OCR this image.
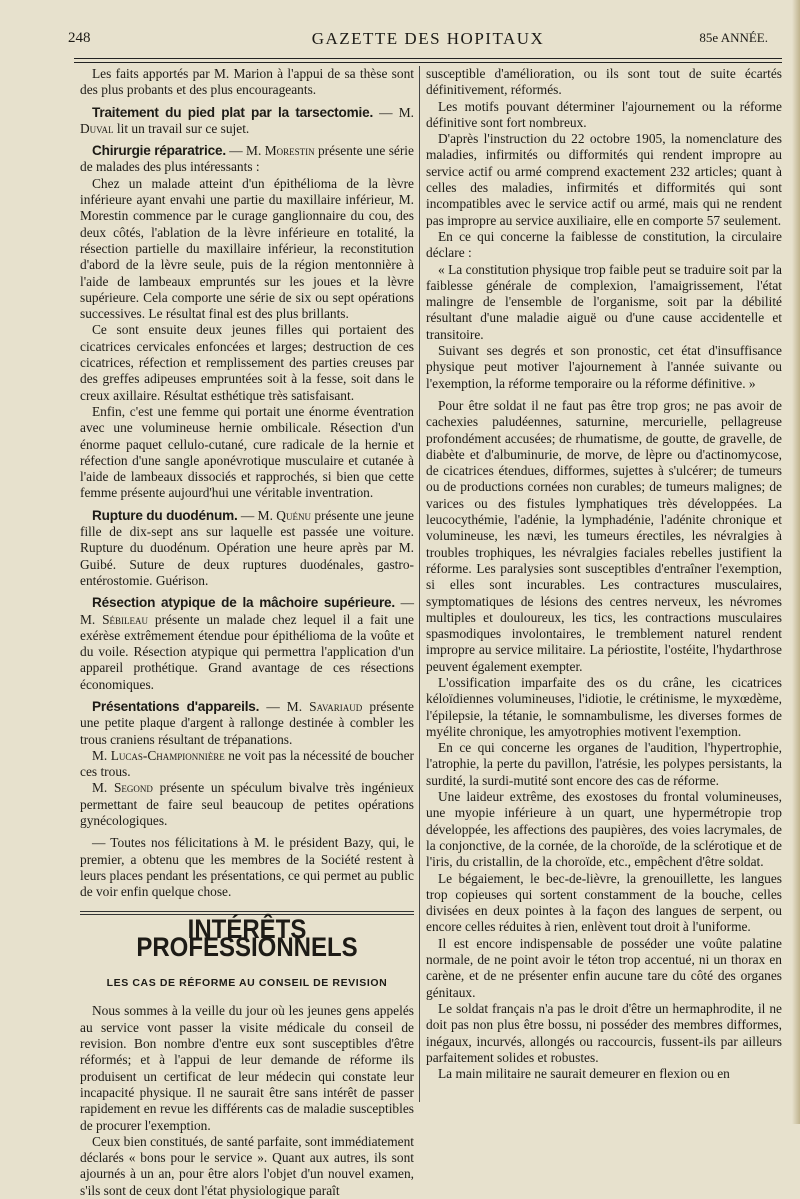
248	GAZETTE DES HOPITAUX	85e ANNÉE.

Les faits apportés par M. Marion à l'appui de sa thèse sont des plus probants et des plus encourageants.

Traitement du pied plat par la tarsectomie. — M. Duval lit un travail sur ce sujet.

Chirurgie réparatrice. — M. Morestin présente une série de malades des plus intéressants :

Chez un malade atteint d'un épithélioma de la lèvre inférieure ayant envahi une partie du maxillaire inférieur, M. Morestin commence par le curage ganglionnaire du cou, des deux côtés, l'ablation de la lèvre inférieure en totalité, la résection partielle du maxillaire inférieur, la reconstitution d'abord de la lèvre seule, puis de la région mentonnière à l'aide de lambeaux empruntés sur les joues et la lèvre supérieure. Cela comporte une série de six ou sept opérations successives. Le résultat final est des plus brillants.

Ce sont ensuite deux jeunes filles qui portaient des cicatrices cervicales enfoncées et larges; destruction de ces cicatrices, réfection et remplissement des parties creuses par des greffes adipeuses empruntées soit à la fesse, soit dans le creux axillaire. Résultat esthétique très satisfaisant.

Enfin, c'est une femme qui portait une énorme éventration avec une volumineuse hernie ombilicale. Résection d'un énorme paquet cellulo-cutané, cure radicale de la hernie et réfection d'une sangle aponévrotique musculaire et cutanée à l'aide de lambeaux dissociés et rapprochés, si bien que cette femme présente aujourd'hui une véritable inventration.

Rupture du duodénum. — M. Quénu présente une jeune fille de dix-sept ans sur laquelle est passée une voiture. Rupture du duodénum. Opération une heure après par M. Guibé. Suture de deux ruptures duodénales, gastro-entérostomie. Guérison.

Résection atypique de la mâchoire supérieure. — M. Sébileau présente un malade chez lequel il a fait une exérèse extrêmement étendue pour épithélioma de la voûte et du voile. Résection atypique qui permettra l'application d'un appareil prothétique. Grand avantage de ces résections économiques.

Présentations d'appareils. — M. Savariaud présente une petite plaque d'argent à rallonge destinée à combler les trous craniens résultant de trépanations.

M. Lucas-Championnière ne voit pas la nécessité de boucher ces trous.

M. Segond présente un spéculum bivalve très ingénieux permettant de faire seul beaucoup de petites opérations gynécologiques.

— Toutes nos félicitations à M. le président Bazy, qui, le premier, a obtenu que les membres de la Société restent à leurs places pendant les présentations, ce qui permet au public de voir enfin quelque chose.

INTÉRÊTS PROFESSIONNELS
LES CAS DE RÉFORME AU CONSEIL DE REVISION

Nous sommes à la veille du jour où les jeunes gens appelés au service vont passer la visite médicale du conseil de revision. Bon nombre d'entre eux sont susceptibles d'être réformés; et à l'appui de leur demande de réforme ils produisent un certificat de leur médecin qui constate leur incapacité physique. Il ne saurait être sans intérêt de passer rapidement en revue les différents cas de maladie susceptibles de procurer l'exemption.

Ceux bien constitués, de santé parfaite, sont immédiatement déclarés « bons pour le service ». Quant aux autres, ils sont ajournés à un an, pour être alors l'objet d'un nouvel examen, s'ils sont de ceux dont l'état physiologique paraît

susceptible d'amélioration, ou ils sont tout de suite écartés définitivement, réformés.

Les motifs pouvant déterminer l'ajournement ou la réforme définitive sont fort nombreux.

D'après l'instruction du 22 octobre 1905, la nomenclature des maladies, infirmités ou difformités qui rendent impropre au service actif ou armé comprend exactement 232 articles; quant à celles des maladies, infirmités et difformités qui sont incompatibles avec le service actif ou armé, mais qui ne rendent pas impropre au service auxiliaire, elle en comporte 57 seulement.

En ce qui concerne la faiblesse de constitution, la circulaire déclare :

« La constitution physique trop faible peut se traduire soit par la faiblesse générale de complexion, l'amaigrissement, l'état malingre de l'ensemble de l'organisme, soit par la débilité résultant d'une maladie aiguë ou d'une cause accidentelle et transitoire.

Suivant ses degrés et son pronostic, cet état d'insuffisance physique peut motiver l'ajournement à l'année suivante ou l'exemption, la réforme temporaire ou la réforme définitive. »

Pour être soldat il ne faut pas être trop gros; ne pas avoir de cachexies paludéennes, saturnine, mercurielle, pellagreuse profondément accusées; de rhumatisme, de goutte, de gravelle, de diabète et d'albuminurie, de morve, de lèpre ou d'actinomycose, de cicatrices étendues, difformes, sujettes à s'ulcérer; de tumeurs ou de productions cornées non curables; de tumeurs malignes; de varices ou des fistules lymphatiques très développées. La leucocythémie, l'adénie, la lymphadénie, l'adénite chronique et volumineuse, les nævi, les tumeurs érectiles, les névralgies à troubles trophiques, les névralgies faciales rebelles justifient la réforme. Les paralysies sont susceptibles d'entraîner l'exemption, si elles sont incurables. Les contractures musculaires, symptomatiques de lésions des centres nerveux, les névromes multiples et douloureux, les tics, les contractions musculaires spasmodiques involontaires, le tremblement naturel rendent impropre au service militaire. La périostite, l'ostéite, l'hydarthrose peuvent également exempter.

L'ossification imparfaite des os du crâne, les cicatrices kéloïdiennes volumineuses, l'idiotie, le crétinisme, le myxœdème, l'épilepsie, la tétanie, le somnambulisme, les diverses formes de myélite chronique, les amyotrophies motivent l'exemption.

En ce qui concerne les organes de l'audition, l'hypertrophie, l'atrophie, la perte du pavillon, l'atrésie, les polypes persistants, la surdité, la surdi-mutité sont encore des cas de réforme.

Une laideur extrême, des exostoses du frontal volumineuses, une myopie inférieure à un quart, une hypermétropie trop développée, les affections des paupières, des voies lacrymales, de la conjonctive, de la cornée, de la choroïde, de la sclérotique et de l'iris, du cristallin, de la choroïde, etc., empêchent d'être soldat.

Le bégaiement, le bec-de-lièvre, la grenouillette, les langues trop copieuses qui sortent constamment de la bouche, celles divisées en deux pointes à la façon des langues de serpent, ou encore celles réduites à rien, enlèvent tout droit à l'uniforme.

Il est encore indispensable de posséder une voûte palatine normale, de ne point avoir le téton trop accentué, ni un thorax en carène, et de ne présenter enfin aucune tare du côté des organes génitaux.

Le soldat français n'a pas le droit d'être un hermaphrodite, il ne doit pas non plus être bossu, ni posséder des membres difformes, inégaux, incurvés, allongés ou raccourcis, fussent-ils par ailleurs parfaitement solides et robustes.

La main militaire ne saurait demeurer en flexion ou en
